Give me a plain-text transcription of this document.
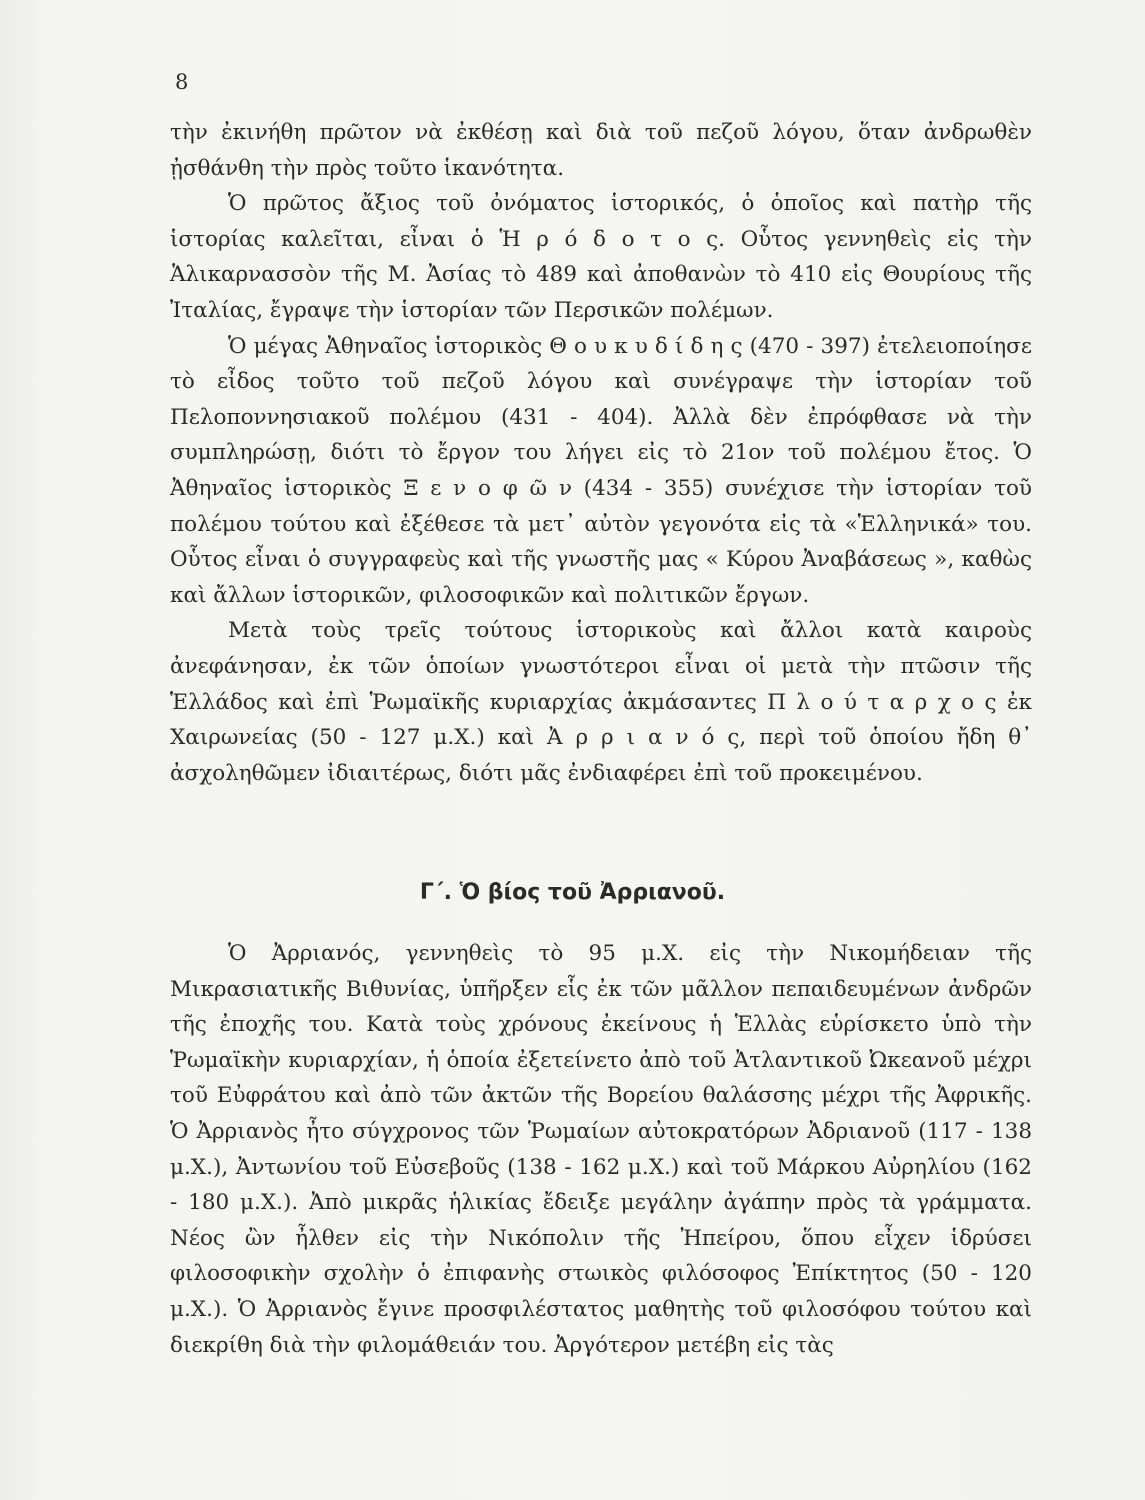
8

τὴν ἐκινήθη πρῶτον νὰ ἐκθέσῃ καὶ διὰ τοῦ πεζοῦ λόγου, ὅταν ἀνδρωθὲν ᾐσθάνθη τὴν πρὸς τοῦτο ἱκανότητα.

Ὁ πρῶτος ἄξιος τοῦ ὀνόματος ἱστορικός, ὁ ὁποῖος καὶ πατὴρ τῆς ἱστορίας καλεῖται, εἶναι ὁ Ἡ ρ ό δ ο τ ο ς. Οὗτος γεννηθεὶς εἰς τὴν Ἁλικαρνασσὸν τῆς Μ. Ἀσίας τὸ 489 καὶ ἀποθανὼν τὸ 410 εἰς Θουρίους τῆς Ἰταλίας, ἔγραψε τὴν ἱστορίαν τῶν Περσικῶν πολέμων.

Ὁ μέγας Ἀθηναῖος ἱστορικὸς Θ ο υ κ υ δ ί δ η ς (470 - 397) ἐτελειοποίησε τὸ εἶδος τοῦτο τοῦ πεζοῦ λόγου καὶ συνέγραψε τὴν ἱστορίαν τοῦ Πελοποννησιακοῦ πολέμου (431 - 404). Ἀλλὰ δὲν ἐπρόφθασε νὰ τὴν συμπληρώσῃ, διότι τὸ ἔργον του λήγει εἰς τὸ 21ον τοῦ πολέμου ἔτος. Ὁ Ἀθηναῖος ἱστορικὸς Ξ ε ν ο φ ῶ ν (434 - 355) συνέχισε τὴν ἱστορίαν τοῦ πολέμου τούτου καὶ ἐξέθεσε τὰ μετ᾽ αὐτὸν γεγονότα εἰς τὰ «Ἑλληνικά» του. Οὗτος εἶναι ὁ συγγραφεὺς καὶ τῆς γνωστῆς μας « Κύρου Ἀναβάσεως », καθὼς καὶ ἄλλων ἱστορικῶν, φιλοσοφικῶν καὶ πολιτικῶν ἔργων.

Μετὰ τοὺς τρεῖς τούτους ἱστορικοὺς καὶ ἄλλοι κατὰ καιροὺς ἀνεφάνησαν, ἐκ τῶν ὁποίων γνωστότεροι εἶναι οἱ μετὰ τὴν πτῶσιν τῆς Ἑλλάδος καὶ ἐπὶ Ῥωμαϊκῆς κυριαρχίας ἀκμάσαντες Π λ ο ύ τ α ρ χ ο ς ἐκ Χαιρωνείας (50 - 127 μ.Χ.) καὶ Ἀ ρ ρ ι α ν ό ς, περὶ τοῦ ὁποίου ἤδη θ᾽ ἀσχοληθῶμεν ἰδιαιτέρως, διότι μᾶς ἐνδιαφέρει ἐπὶ τοῦ προκειμένου.

Γ΄. Ὁ βίος τοῦ Ἀρριανοῦ.

Ὁ Ἀρριανός, γεννηθεὶς τὸ 95 μ.Χ. εἰς τὴν Νικομήδειαν τῆς Μικρασιατικῆς Βιθυνίας, ὑπῆρξεν εἷς ἐκ τῶν μᾶλλον πεπαιδευμένων ἀνδρῶν τῆς ἐποχῆς του. Κατὰ τοὺς χρόνους ἐκείνους ἡ Ἑλλὰς εὑρίσκετο ὑπὸ τὴν Ῥωμαϊκὴν κυριαρχίαν, ἡ ὁποία ἐξετείνετο ἀπὸ τοῦ Ἀτλαντικοῦ Ὠκεανοῦ μέχρι τοῦ Εὐφράτου καὶ ἀπὸ τῶν ἀκτῶν τῆς Βορείου θαλάσσης μέχρι τῆς Ἀφρικῆς. Ὁ Ἀρριανὸς ἦτο σύγχρονος τῶν Ῥωμαίων αὐτοκρατόρων Ἀδριανοῦ (117 - 138 μ.Χ.), Ἀντωνίου τοῦ Εὐσεβοῦς (138 - 162 μ.Χ.) καὶ τοῦ Μάρκου Αὐρηλίου (162 - 180 μ.Χ.). Ἀπὸ μικρᾶς ἡλικίας ἔδειξε μεγάλην ἀγάπην πρὸς τὰ γράμματα. Νέος ὢν ἦλθεν εἰς τὴν Νικόπολιν τῆς Ἠπείρου, ὅπου εἶχεν ἱδρύσει φιλοσοφικὴν σχολὴν ὁ ἐπιφανὴς στωικὸς φιλόσοφος Ἐπίκτητος (50 - 120 μ.Χ.). Ὁ Ἀρριανὸς ἔγινε προσφιλέστατος μαθητὴς τοῦ φιλοσόφου τούτου καὶ διεκρίθη διὰ τὴν φιλομάθειάν του. Ἀργότερον μετέβη εἰς τὰς
